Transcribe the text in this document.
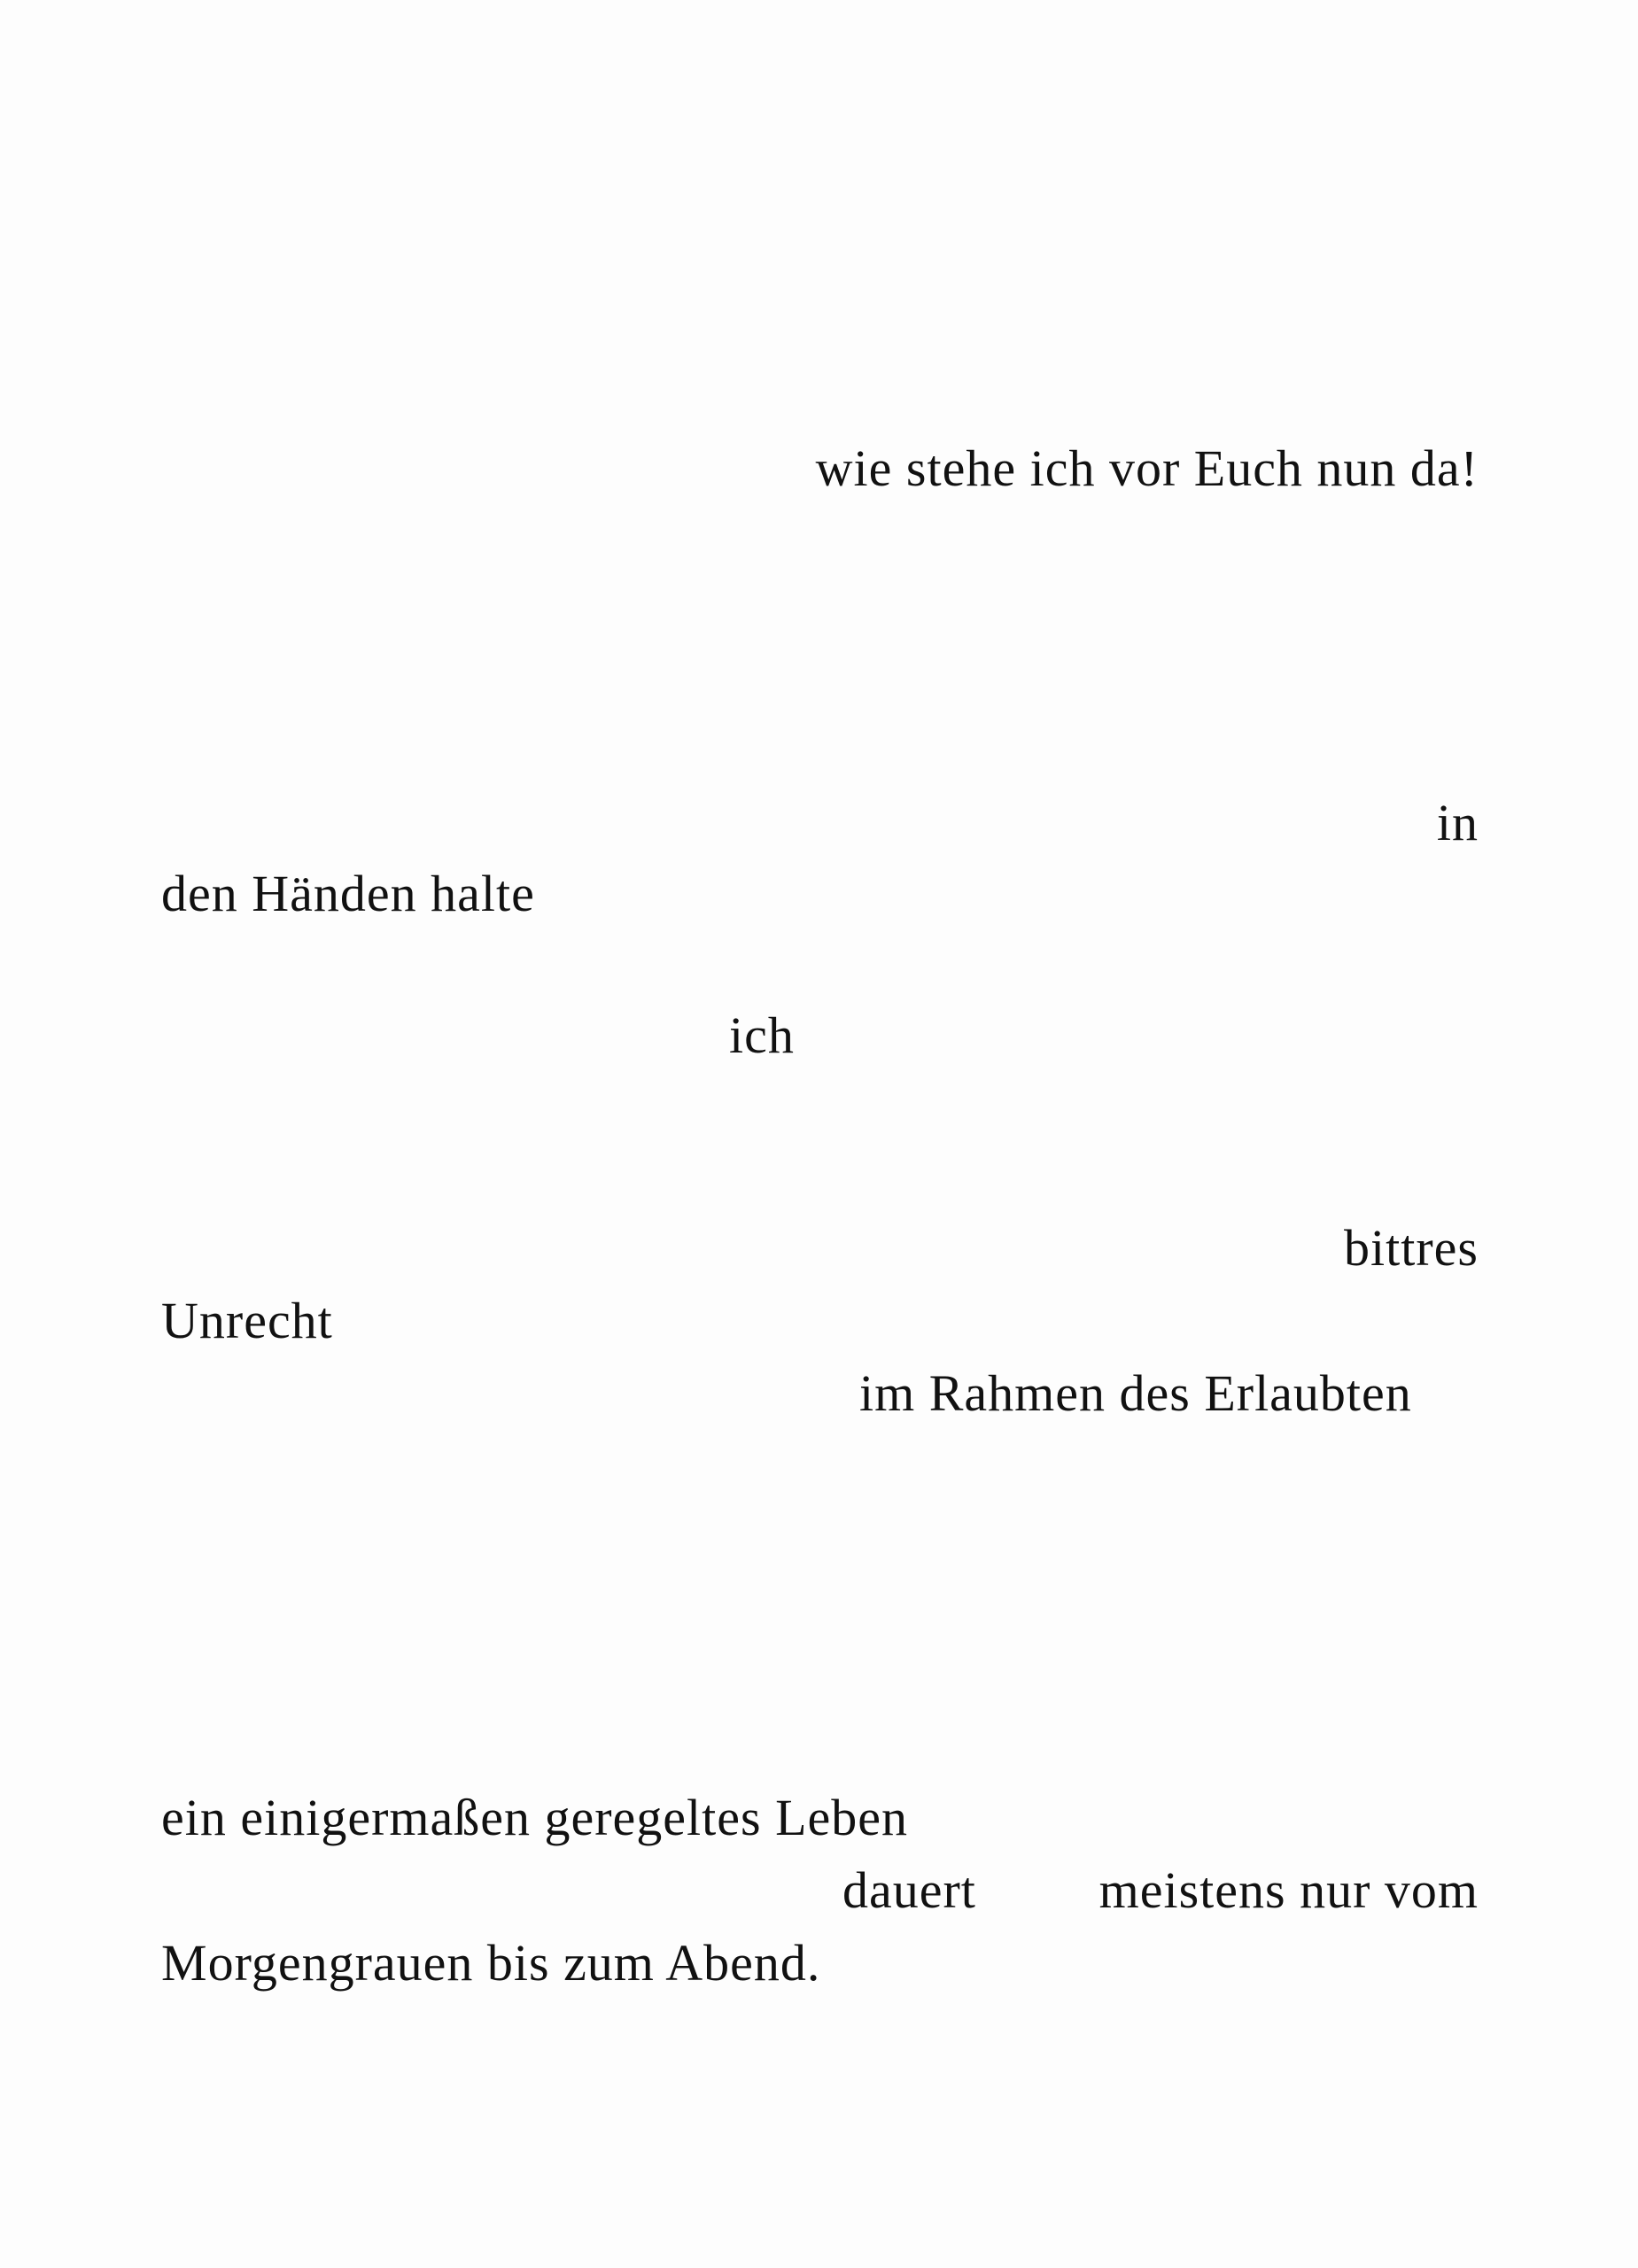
wie stehe ich vor Euch nun da!
in
den Händen halte
ich
bittres
Unrecht
im Rahmen des Erlaubten
ein einigermaßen geregeltes Leben
dauert meistens nur vom
Morgengrauen bis zum Abend.
